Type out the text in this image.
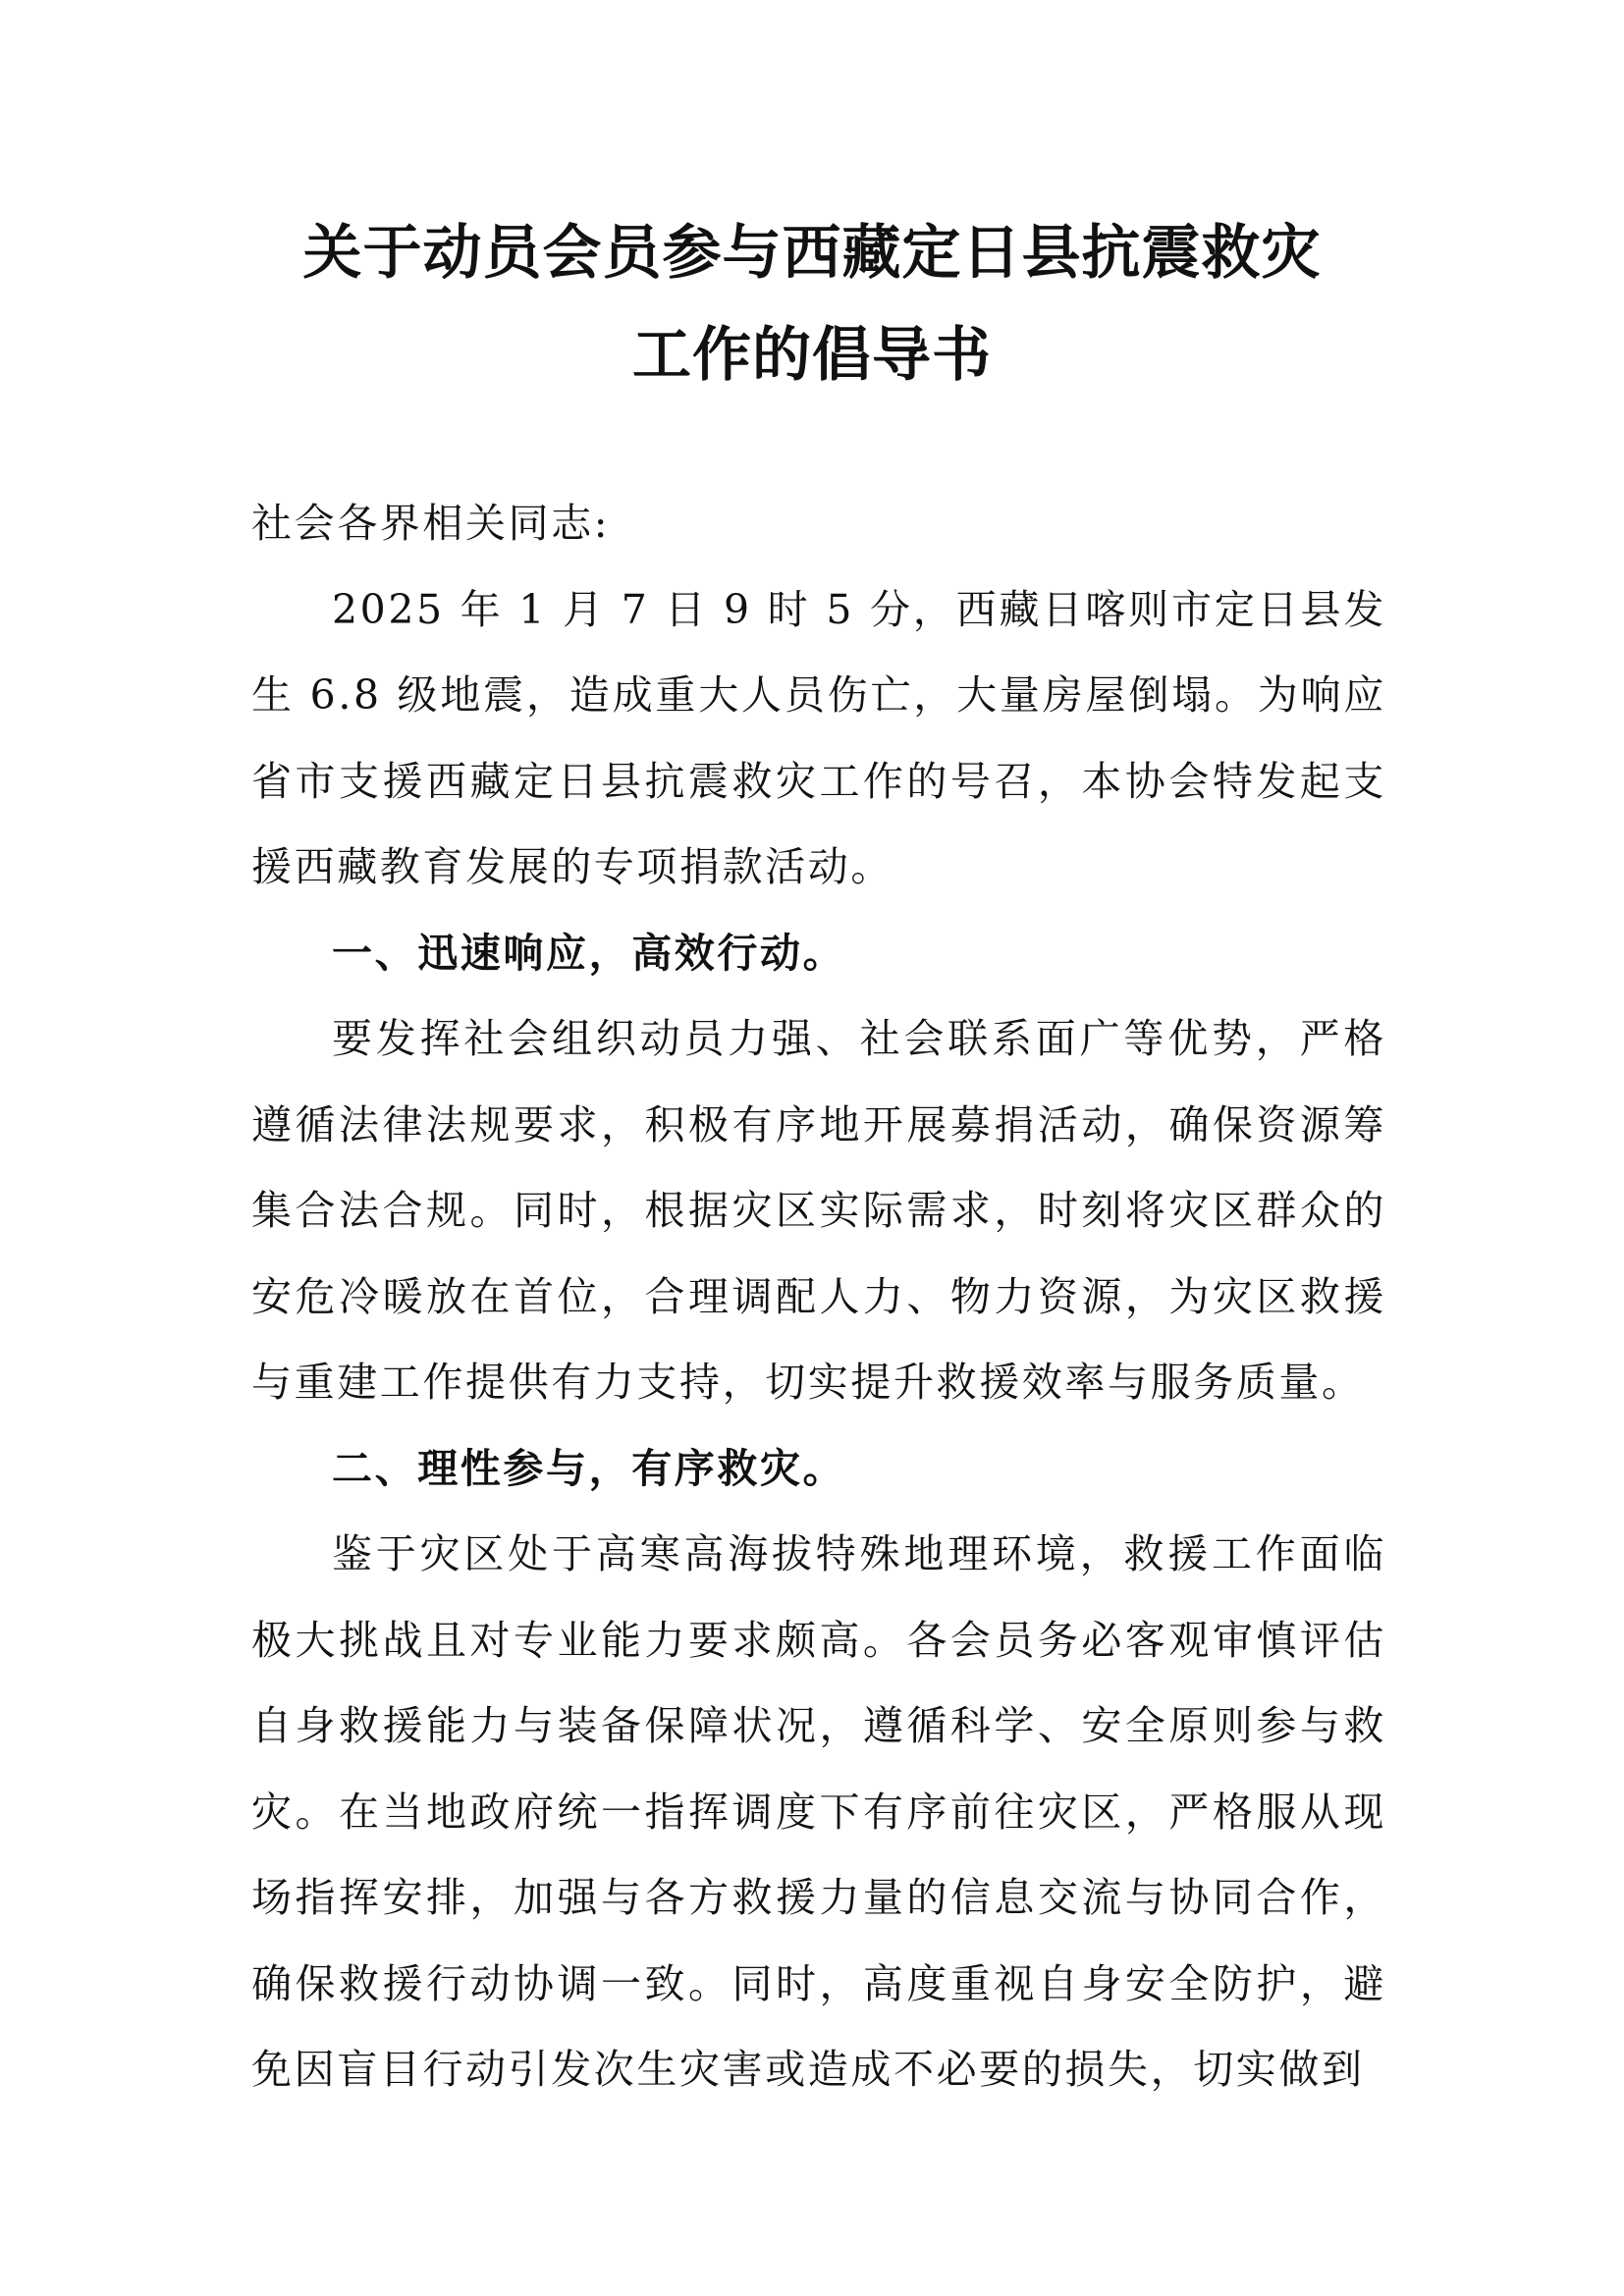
关于动员会员参与西藏定日县抗震救灾
工作的倡导书

社会各界相关同志:

2025 年 1 月 7 日 9 时 5 分，西藏日喀则市定日县发生 6.8 级地震，造成重大人员伤亡，大量房屋倒塌。为响应省市支援西藏定日县抗震救灾工作的号召，本协会特发起支援西藏教育发展的专项捐款活动。

一、迅速响应，高效行动。

要发挥社会组织动员力强、社会联系面广等优势，严格遵循法律法规要求，积极有序地开展募捐活动，确保资源筹集合法合规。同时，根据灾区实际需求，时刻将灾区群众的安危冷暖放在首位，合理调配人力、物力资源，为灾区救援与重建工作提供有力支持，切实提升救援效率与服务质量。

二、理性参与，有序救灾。

鉴于灾区处于高寒高海拔特殊地理环境，救援工作面临极大挑战且对专业能力要求颇高。各会员务必客观审慎评估自身救援能力与装备保障状况，遵循科学、安全原则参与救灾。在当地政府统一指挥调度下有序前往灾区，严格服从现场指挥安排，加强与各方救援力量的信息交流与协同合作，确保救援行动协调一致。同时，高度重视自身安全防护，避免因盲目行动引发次生灾害或造成不必要的损失，切实做到
